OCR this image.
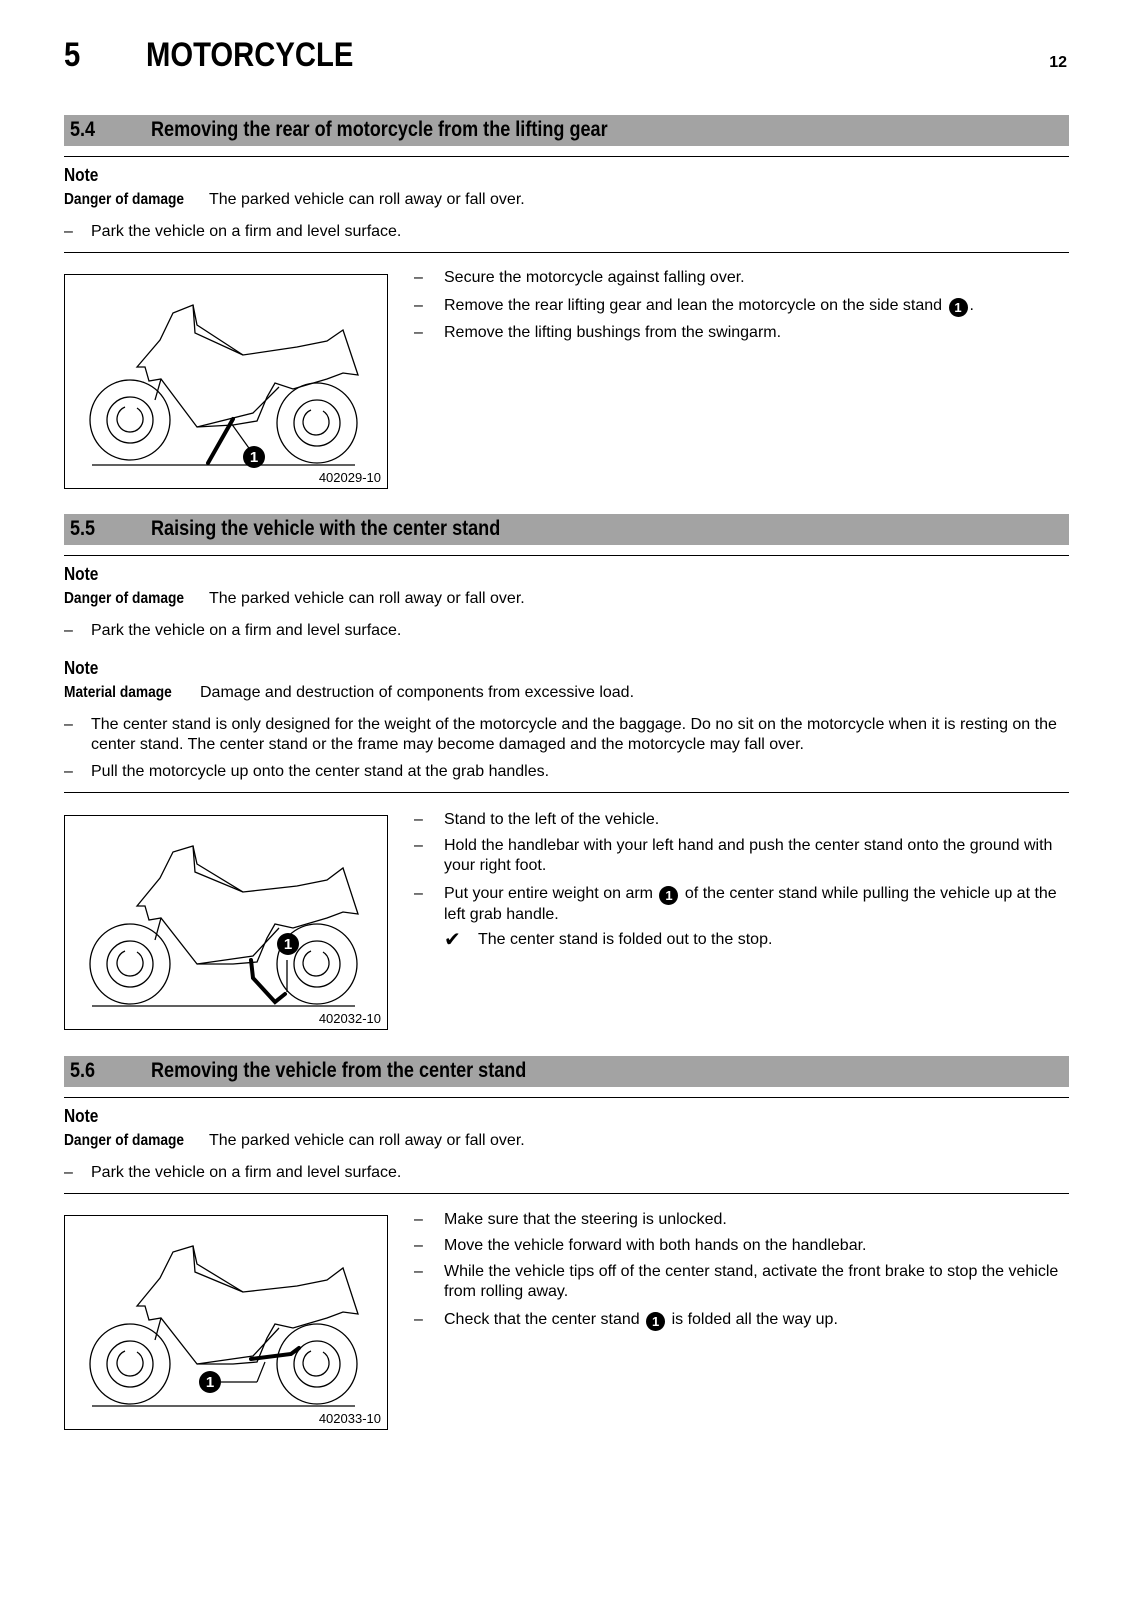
5 MOTORCYCLE	12
5.4	Removing the rear of motorcycle from the lifting gear
Note
Danger of damage The parked vehicle can roll away or fall over.
– Park the vehicle on a firm and level surface.
1
402029-10
– Secure the motorcycle against falling over.
– Remove the rear lifting gear and lean the motorcycle on the side stand 1 .
– Remove the lifting bushings from the swingarm.
5.5	Raising the vehicle with the center stand
Note
Danger of damage The parked vehicle can roll away or fall over.
– Park the vehicle on a firm and level surface.
Note
Material damage Damage and destruction of components from excessive load.
– The center stand is only designed for the weight of the motorcycle and the baggage. Do no sit on the motorcycle when it is resting on the center stand. The center stand or the frame may become damaged and the motorcycle may fall over.
– Pull the motorcycle up onto the center stand at the grab handles.
1
402032-10
– Stand to the left of the vehicle.
– Hold the handlebar with your left hand and push the center stand onto the ground with your right foot.
– Put your entire weight on arm 1 of the center stand while pulling the vehicle up at the left grab handle.
✔ The center stand is folded out to the stop.
5.6	Removing the vehicle from the center stand
Note
Danger of damage The parked vehicle can roll away or fall over.
– Park the vehicle on a firm and level surface.
1
402033-10
– Make sure that the steering is unlocked.
– Move the vehicle forward with both hands on the handlebar.
– While the vehicle tips off of the center stand, activate the front brake to stop the vehicle from rolling away.
– Check that the center stand 1 is folded all the way up.
